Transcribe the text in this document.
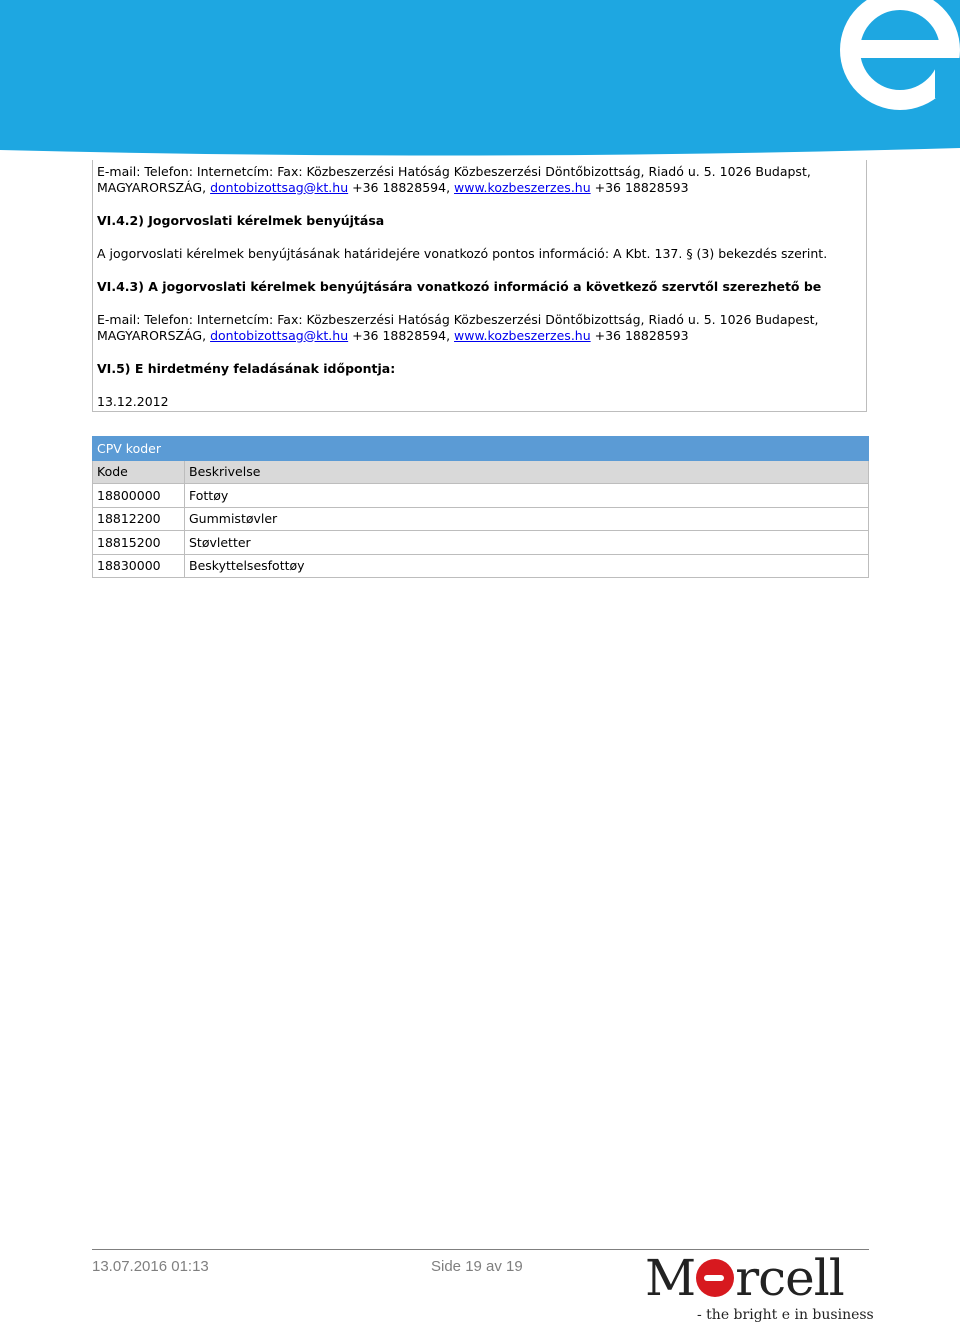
E-mail: Telefon: Internetcím: Fax: Közbeszerzési Hatóság Közbeszerzési Döntőbizottság, Riadó u. 5. 1026 Budapst,
MAGYARORSZÁG, dontobizottsag@kt.hu +36 18828594, www.kozbeszerzes.hu +36 18828593
VI.4.2) Jogorvoslati kérelmek benyújtása
A jogorvoslati kérelmek benyújtásának határidejére vonatkozó pontos információ: A Kbt. 137. § (3) bekezdés szerint.
VI.4.3) A jogorvoslati kérelmek benyújtására vonatkozó információ a következő szervtől szerezhető be
E-mail: Telefon: Internetcím: Fax: Közbeszerzési Hatóság Közbeszerzési Döntőbizottság, Riadó u. 5. 1026 Budapest,
MAGYARORSZÁG, dontobizottsag@kt.hu +36 18828594, www.kozbeszerzes.hu +36 18828593
VI.5) E hirdetmény feladásának időpontja:
13.12.2012
CPV koder	
Kode	Beskrivelse
18800000	Fottøy
18812200	Gummistøvler
18815200	Støvletter
18830000	Beskyttelsesfottøy
13.07.2016 01:13	Side 19 av 19 M rcell
- the bright e in business
